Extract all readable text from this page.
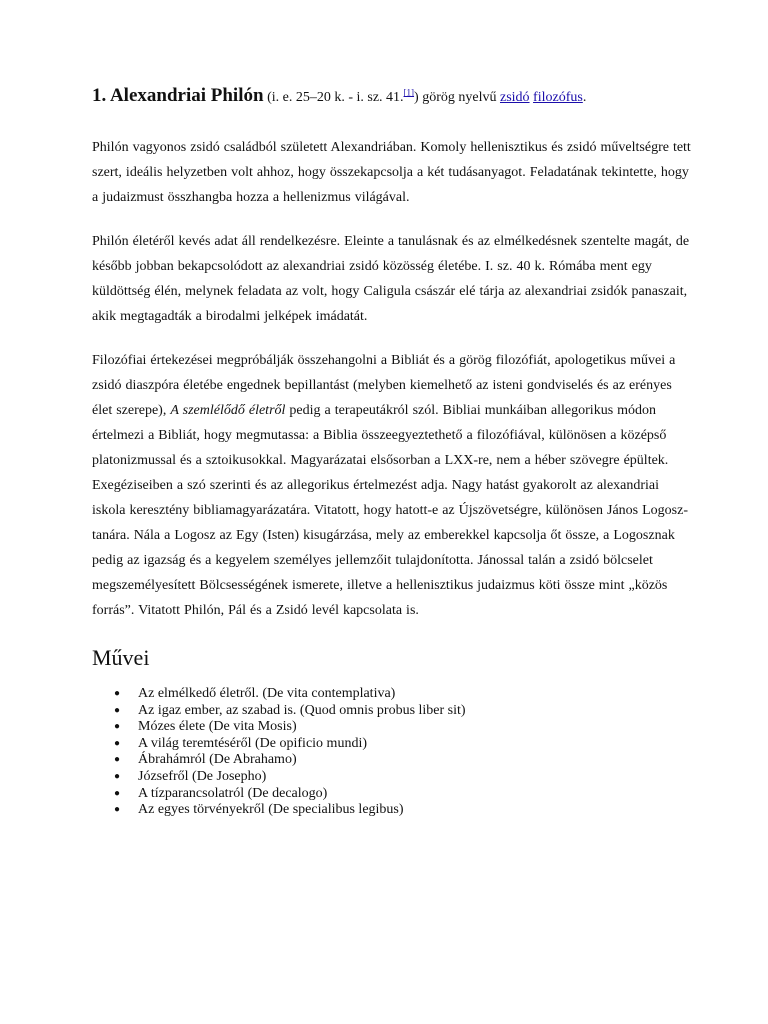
1. Alexandriai Philón (i. e. 25–20 k. - i. sz. 41.[1]) görög nyelvű zsidó filozófus.

Philón vagyonos zsidó családból született Alexandriában. Komoly hellenisztikus és zsidó műveltségre tett szert, ideális helyzetben volt ahhoz, hogy összekapcsolja a két tudásanyagot. Feladatának tekintette, hogy a judaizmust összhangba hozza a hellenizmus világával.

Philón életéről kevés adat áll rendelkezésre. Eleinte a tanulásnak és az elmélkedésnek szentelte magát, de később jobban bekapcsolódott az alexandriai zsidó közösség életébe. I. sz. 40 k. Rómába ment egy küldöttség élén, melynek feladata az volt, hogy Caligula császár elé tárja az alexandriai zsidók panaszait, akik megtagadták a birodalmi jelképek imádatát.

Filozófiai értekezései megpróbálják összehangolni a Bibliát és a görög filozófiát, apologetikus művei a zsidó diaszpóra életébe engednek bepillantást (melyben kiemelhető az isteni gondviselés és az erényes élet szerepe), A szemlélődő életről pedig a terapeutákról szól. Bibliai munkáiban allegorikus módon értelmezi a Bibliát, hogy megmutassa: a Biblia összeegyeztethető a filozófiával, különösen a középső platonizmussal és a sztoikusokkal. Magyarázatai elsősorban a LXX-re, nem a héber szövegre épültek. Exegéziseiben a szó szerinti és az allegorikus értelmezést adja. Nagy hatást gyakorolt az alexandriai iskola keresztény bibliamagyarázatára. Vitatott, hogy hatott-e az Újszövetségre, különösen János Logosz-tanára. Nála a Logosz az Egy (Isten) kisugárzása, mely az emberekkel kapcsolja őt össze, a Logosznak pedig az igazság és a kegyelem személyes jellemzőit tulajdonította. Jánossal talán a zsidó bölcselet megszemélyesített Bölcsességének ismerete, illetve a hellenisztikus judaizmus köti össze mint „közös forrás”. Vitatott Philón, Pál és a Zsidó levél kapcsolata is.

Művei
● Az elmélkedő életről. (De vita contemplativa)
● Az igaz ember, az szabad is. (Quod omnis probus liber sit)
● Mózes élete (De vita Mosis)
● A világ teremtéséről (De opificio mundi)
● Ábrahámról (De Abrahamo)
● Józsefről (De Josepho)
● A tízparancsolatról (De decalogo)
● Az egyes törvényekről (De specialibus legibus)
